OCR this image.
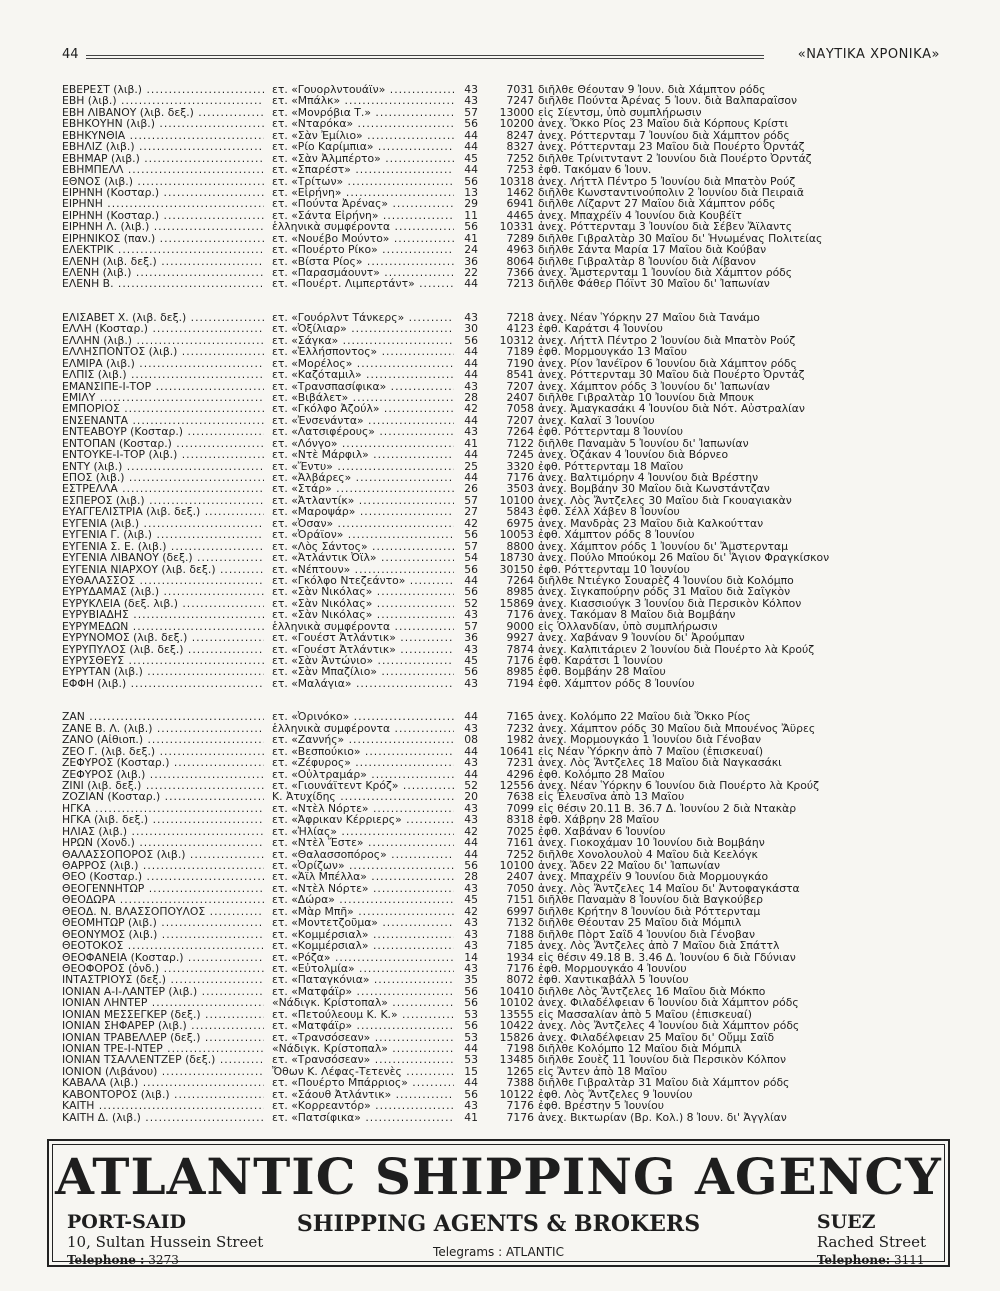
44	«ΝΑΥΤΙΚΑ ΧΡΟΝΙΚΑ»
ΕΒΕΡΕΣΤ (λιβ.) .....	ετ. «Γουορλντουάϊν» .....	43	7031 διῆλθε Θέουταν 9 Ἰουν. διὰ Χάμπτον ρόδς
ΕΒΗ (λιβ.) .....	ετ. «Μπάλκ» .....	43	7247 διῆλθε Πούντα Ἀρένας 5 Ἰουν. διὰ Βαλπαραΐσον
ΕΒΗ ΛΙΒΑΝΟΥ (λιβ. δεξ.) .....	ετ. «Μονρόβια Τ.» .....	57	13000 εἰς Σίεντσμ, ὑπὸ συμπλήρωσιν
ΕΒΗΚΟΥΗΝ (λιβ.) .....	ετ. «Νταρόκα» .....	56	10200 ἀνεχ. Ὄκκο Ρίος 23 Μαΐου διὰ Κόρπους Κρίστι
ΕΒΗΚΥΝΘΙΑ .....	ετ. «Σὰν Ἐμίλιο» .....	44	8247 ἀνεχ. Ρόττερνταμ 7 Ἰουνίου διὰ Χάμπτον ρόδς
ΕΒΗΛΙΖ (λιβ.) .....	ετ. «Ρίο Καρίμπια» .....	44	8327 ἀνεχ. Ρόττερνταμ 23 Μαΐου διὰ Πουέρτο Ὀρντάζ
ΕΒΗΜΑΡ (λιβ.) .....	ετ. «Σὰν Ἀλμπέρτο» .....	45	7252 διῆλθε Τρίνιτνταντ 2 Ἰουνίου διὰ Πουέρτο Ὀρντάζ
ΕΒΗΜΠΕΛΛ .....	ετ. «Σπαρέστ» .....	44	7253 ἐφθ. Τακόμαν 6 Ἰουν.
ΕΘΝΟΣ (λιβ.) .....	ετ. «Τρίτων» .....	56	10318 ἀνεχ. Λήττλ Πέντρο 5 Ἰουνίου διὰ Μπατὸν Ρούζ
ΕΙΡΗΝΗ (Κοσταρ.) .....	ετ. «Εἰρήνη» .....	13	1462 διῆλθε Κωνσταντινούπολιν 2 Ἰουνίου διὰ Πειραιᾶ
ΕΙΡΗΝΗ .....	ετ. «Πούντα Ἀρένας» .....	29	6941 διῆλθε Λίζαρντ 27 Μαΐου διὰ Χάμπτον ρόδς
ΕΙΡΗΝΗ (Κοσταρ.) .....	ετ. «Σάντα Εἰρήνη» .....	11	4465 ἀνεχ. Μπαχρέϊν 4 Ἰουνίου διὰ Κουβέϊτ
ΕΙΡΗΝΗ Λ. (λιβ.) .....	ἑλληνικὰ συμφέροντα .....	56	10331 ἀνεχ. Ρόττερνταμ 3 Ἰουνίου διὰ Σέβεν Ἄϊλαντς
ΕΙΡΗΝΙΚΟΣ (παν.) .....	ετ. «Νουέβο Μούντο» .....	41	7289 διῆλθε Γιβραλτὰρ 30 Μαΐου δι' Ἡνωμένας Πολιτείας
ΕΛΕΚΤΡΙΚ .....	ετ. «Πουέρτο Ρίκο» .....	24	4963 διῆλθε Σάντα Μαρία 17 Μαΐου διὰ Κούβαν
ΕΛΕΝΗ (λιβ. δεξ.) .....	ετ. «Βίστα Ρίος» .....	36	8064 διῆλθε Γιβραλτὰρ 8 Ἰουνίου διὰ Λίβανον
ΕΛΕΝΗ (λιβ.) .....	ετ. «Παρασμάουντ» .....	22	7366 ἀνεχ. Ἄμστερνταμ 1 Ἰουνίου διὰ Χάμπτον ρόδς
ΕΛΕΝΗ Β. .....	ετ. «Πουέρτ. Λιμπερτάντ» .....	44	7213 διῆλθε Φάθερ Πόϊντ 30 Μαΐου δι' Ἰαπωνίαν
ΕΛΙΣΑΒΕΤ Χ. (λιβ. δεξ.) .....	ετ. «Γουόρλντ Τάνκερς» .....	43	7218 ἀνεχ. Νέαν Ὑόρκην 27 Μαΐου διὰ Τανάμο
ΕΛΛΗ (Κοσταρ.) .....	ετ. «Ὀξίλιαρ» .....	30	4123 ἐφθ. Καράτσι 4 Ἰουνίου
ΕΛΛΗΝ (λιβ.) .....	ετ. «Σάγκα» .....	56	10312 ἀνεχ. Λήττλ Πέντρο 2 Ἰουνίου διὰ Μπατὸν Ρούζ
ΕΛΛΗΣΠΟΝΤΟΣ (λιβ.) .....	ετ. «Ἑλλήσποντος» .....	44	7189 ἐφθ. Μορμουγκάο 13 Μαΐου
ΕΛΜΙΡΑ (λιβ.) .....	ετ. «Μορέλος» .....	44	7190 ἀνεχ. Ρίον Ἰανέϊρον 6 Ἰουνίου διὰ Χάμπτον ρόδς
ΕΛΠΙΣ (λιβ.) .....	ετ. «Καζόταμιλ» .....	44	8541 ἀνεχ. Ρόττερνταμ 30 Μαΐου διὰ Πουέρτο Ὀρντάζ
ΕΜΑΝΣΙΠΕ-Ι-ΤΟΡ .....	ετ. «Τρανσπασίφικα» .....	43	7207 ἀνεχ. Χάμπτον ρόδς 3 Ἰουνίου δι' Ἰαπωνίαν
ΕΜΙΛΥ .....	ετ. «Βιβάλετ» .....	28	2407 διῆλθε Γιβραλτὰρ 10 Ἰουνίου διὰ Μπουκ
ΕΜΠΟΡΙΟΣ .....	ετ. «Γκόλφο Ἀζούλ» .....	42	7058 ἀνεχ. Ἀμαγκασάκι 4 Ἰουνίου διὰ Νότ. Αὐστραλίαν
ΕΝΣΕΝΑΝΤΑ .....	ετ. «Ἐνσενάντα» .....	44	7207 ἀνεχ. Καλαϊ 3 Ἰουνίου
ΕΝΤΕΑΒΟΥΡ (Κοσταρ.) .....	ετ. «Λατσιφέρους» .....	43	7264 ἐφθ. Ρόττερνταμ 8 Ἰουνίου
ΕΝΤΟΠΑΝ (Κοσταρ.) .....	ετ. «Λόνγο» .....	41	7122 διῆλθε Παναμὰν 5 Ἰουνίου δι' Ἰαπωνίαν
ΕΝΤΟΥΚΕ-Ι-ΤΟΡ (λιβ.) .....	ετ. «Ντὲ Μάρφιλ» .....	44	7245 ἀνεχ. Ὀζάκαν 4 Ἰουνίου διὰ Βόρνεο
ΕΝΤΥ (λιβ.) .....	ετ. «Ἔντυ» .....	25	3320 ἐφθ. Ρόττερνταμ 18 Μαΐου
ΕΠΟΣ (λιβ.) .....	ετ. «Ἀλβάρες» .....	44	7176 ἀνεχ. Βαλτιμόρην 4 Ἰουνίου διὰ Βρέστην
ΕΣΤΡΕΛΛΑ .....	ετ. «Στάρ» .....	26	3503 ἀνεχ. Βομβάην 30 Μαΐου διὰ Κωνστάντζαν
ΕΣΠΕΡΟΣ (λιβ.) .....	ετ. «Ἀτλαντίκ» .....	57	10100 ἀνεχ. Λὸς Ἄντζελες 30 Μαΐου διὰ Γκουαγιακὰν
ΕΥΑΓΓΕΛΙΣΤΡΙΑ (λιβ. δεξ.) .....	ετ. «Μαροψάρ» .....	27	5843 ἐφθ. Σέλλ Χάβεν 8 Ἰουνίου
ΕΥΓΕΝΙΑ (λιβ.) .....	ετ. «Ὀσαν» .....	42	6975 ἀνεχ. Μανδρὰς 23 Μαΐου διὰ Καλκούτταν
ΕΥΓΕΝΙΑ Γ. (λιβ.) .....	ετ. «Ὀράϊον» .....	56	10053 ἐφθ. Χάμπτον ρόδς 8 Ἰουνίου
ΕΥΓΕΝΙΑ Σ. Ε. (λιβ.) .....	ετ. «Λὸς Σάντος» .....	57	8800 ἀνεχ. Χάμπτον ρόδς 1 Ἰουνίου δι' Ἄμστερνταμ
ΕΥΓΕΝΙΑ ΛΙΒΑΝΟΥ (δεξ.) .....	ετ. «Ἀτλάντικ Ὀϊλ» .....	54	18730 ἀνεχ. Πούλο Μπούκομ 26 Μαΐου δι' Ἅγιον Φραγκίσκον
ΕΥΓΕΝΙΑ ΝΙΑΡΧΟΥ (λιβ. δεξ.) .....	ετ. «Νέπτουν» .....	56	30150 ἐφθ. Ρόττερνταμ 10 Ἰουνίου
ΕΥΘΑΛΑΣΣΟΣ .....	ετ. «Γκόλφο Ντεζεάντο» .....	44	7264 διῆλθε Ντιέγκο Σουαρὲζ 4 Ἰουνίου διὰ Κολόμπο
ΕΥΡΥΔΑΜΑΣ (λιβ.) .....	ετ. «Σὰν Νικόλας» .....	56	8985 ἀνεχ. Σιγκαπούρην ρόδς 31 Μαΐου διὰ Σαΐγκὸν
ΕΥΡΥΚΛΕΙΑ (δεξ. λιβ.) .....	ετ. «Σὰν Νικόλας» .....	52	15869 ἀνεχ. Κιασσιούγκ 3 Ἰουνίου διὰ Περσικὸν Κόλπον
ΕΥΡΥΒΙΑΔΗΣ .....	ετ. «Σὰν Νικόλας» .....	43	7176 ἀνεχ. Τακόμαν 8 Μαΐου διὰ Βομβάην
ΕΥΡΥΜΕΔΩΝ .....	ἑλληνικὰ συμφέροντα .....	57	9000 εἰς Ὁλλανδίαν, ὑπὸ συμπλήρωσιν
ΕΥΡΥΝΟΜΟΣ (λιβ. δεξ.) .....	ετ. «Γουέστ Ἀτλάντικ» .....	36	9927 ἀνεχ. Χαβάναν 9 Ἰουνίου δι' Ἀρούμπαν
ΕΥΡΥΠΥΛΟΣ (λιβ. δεξ.) .....	ετ. «Γουέστ Ἀτλάντικ» .....	43	7874 ἀνεχ. Καλπιτάριεν 2 Ἰουνίου διὰ Πουέρτο λὰ Κρούζ
ΕΥΡΥΣΘΕΥΣ .....	ετ. «Σὰν Ἀντώνιο» .....	45	7176 ἐφθ. Καράτσι 1 Ἰουνίου
ΕΥΡΥΤΑΝ (λιβ.) .....	ετ. «Σὰν Μπαζίλιο» .....	56	8985 ἐφθ. Βομβάην 28 Μαΐου
ΕΦΦΗ (λιβ.) .....	ετ. «Μαλάγια» .....	43	7194 ἐφθ. Χάμπτον ρόδς 8 Ἰουνίου
ΖΑΝ .....	ετ. «Ὀρινόκο» .....	44	7165 ἀνεχ. Κολόμπο 22 Μαΐου διὰ Ὄκκο Ρίος
ΖΑΝΕ Β. Λ. (λιβ.) .....	ἑλληνικὰ συμφέροντα .....	43	7232 ἀνεχ. Χάμπτον ρόδς 30 Μαΐου διὰ Μπουένος Ἄϋρες
ΖΑΝΟ (Αἰθιοπ.) .....	ετ. «Ζαννής» .....	08	1982 ἀνεχ. Μορμουγκάο 1 Ἰουνίου διὰ Γένοβαν
ΖΕΟ Γ. (λιβ. δεξ.) .....	ετ. «Βεσπούκιο» .....	44	10641 εἰς Νέαν Ὑόρκην ἀπὸ 7 Μαΐου (ἐπισκευαί)
ΖΕΦΥΡΟΣ (Κοσταρ.) .....	ετ. «Ζέφυρος» .....	43	7231 ἀνεχ. Λὸς Ἄντζελες 18 Μαΐου διὰ Ναγκασάκι
ΖΕΦΥΡΟΣ (λιβ.) .....	ετ. «Οὐλτραμάρ» .....	44	4296 ἐφθ. Κολόμπο 28 Μαΐου
ΖΙΝΙ (λιβ. δεξ.) .....	ετ. «Γιουνάϊτεντ Κρόζ» .....	52	12556 ἀνεχ. Νέαν Ὑόρκην 6 Ἰουνίου διὰ Πουέρτο λὰ Κρούζ
ΖΟΖΙΑΝ (Κοσταρ.) .....	Κ. Ἀτυχίδης .....	20	7638 εἰς Ἐλευσῖνα ἀπὸ 13 Μαΐου
ΗΓΚΑ .....	ετ. «Ντὲλ Νόρτε» .....	43	7099 εἰς θέσιν 20.11 Β. 36.7 Δ. Ἰουνίου 2 διὰ Ντακὰρ
ΗΓΚΑ (λιβ. δεξ.) .....	ετ. «Ἀφρικαν Κέρριερς» .....	43	8318 ἐφθ. Χάβρην 28 Μαΐου
ΗΛΙΑΣ (λιβ.) .....	ετ. «Ἠλίας» .....	42	7025 ἐφθ. Χαβάναν 6 Ἰουνίου
ΗΡΩΝ (Χονδ.) .....	ετ. «Ντὲλ Ἔστε» .....	44	7161 ἀνεχ. Γιοκοχάμαν 10 Ἰουνίου διὰ Βομβάην
ΘΑΛΑΣΣΟΠΟΡΟΣ (λιβ.) .....	ετ. «Θαλασσοπόρος» .....	44	7252 διῆλθε Χονολουλοὺ 4 Μαΐου διὰ Κεελόγκ
ΘΑΡΡΟΣ (λιβ.) .....	ετ. «Ὀρίζων» .....	56	10100 ἀνεχ. Ἄδεν 22 Μαΐου δι' Ἰαπωνίαν
ΘΕΟ (Κοσταρ.) .....	ετ. «Ἀϊλ Μπέλλα» .....	28	2407 ἀνεχ. Μπαχρέϊν 9 Ἰουνίου διὰ Μορμουγκάο
ΘΕΟΓΕΝΝΗΤΩΡ .....	ετ. «Ντὲλ Νόρτε» .....	43	7050 ἀνεχ. Λὸς Ἄντζελες 14 Μαΐου δι' Ἀντοφαγκάστα
ΘΕΟΔΩΡΑ .....	ετ. «Δώρα» .....	45	7151 διῆλθε Παναμὰν 8 Ἰουνίου διὰ Βαγκούβερ
ΘΕΟΔ. Ν. ΒΛΑΣΣΟΠΟΥΛΟΣ .....	ετ. «Μὰρ Μπῆ» .....	42	6997 διῆλθε Κρήτην 8 Ἰουνίου διὰ Ρόττερνταμ
ΘΕΟΜΗΤΩΡ (λιβ.) .....	ετ. «Μοντετζοῦμα» .....	43	7132 διῆλθε Θέουταν 25 Μαΐου διὰ Μόμπιλ
ΘΕΟΝΥΜΟΣ (λιβ.) .....	ετ. «Κομμέρσιαλ» .....	43	7188 διῆλθε Πὸρτ Σαΐδ 4 Ἰουνίου διὰ Γένοβαν
ΘΕΟΤΟΚΟΣ .....	ετ. «Κομμέρσιαλ» .....	43	7185 ἀνεχ. Λὸς Ἄντζελες ἀπὸ 7 Μαΐου διὰ Σπάττλ
ΘΕΟΦΑΝΕΙΑ (Κοσταρ.) .....	ετ. «Ρόζα» .....	14	1934 εἰς θέσιν 49.18 Β. 3.46 Δ. Ἰουνίου 6 διὰ Γδύνιαν
ΘΕΟΦΟΡΟΣ (ὀνδ.) .....	ετ. «Εὐτολμία» .....	43	7176 ἐφθ. Μορμουγκάο 4 Ἰουνίου
ΙΝΤΑΣΤΡΙΟΥΣ (δεξ.) .....	ετ. «Παταγκόνια» .....	35	8072 ἐφθ. Χαντικαβάλλ 5 Ἰουνίου
ΙΟΝΙΑΝ Α-Ι-ΛΑΝΤΕΡ (λιβ.) .....	ετ. «Ματφάϊρ» .....	56	10410 διῆλθε Λὸς Ἄντζελες 16 Μαΐου διὰ Μόκπο
ΙΟΝΙΑΝ ΛΗΝΤΕΡ .....	«Νάδιγκ. Κρίστοπαλ» .....	56	10102 ἀνεχ. Φιλαδέλφειαν 6 Ἰουνίου διὰ Χάμπτον ρόδς
ΙΟΝΙΑΝ ΜΕΣΣΕΓΚΕΡ (δεξ.) .....	ετ. «Πετούλεουμ Κ. Κ.» .....	53	13555 εἰς Μασσαλίαν ἀπὸ 5 Μαΐου (ἐπισκευαί)
ΙΟΝΙΑΝ ΣΗΦΑΡΕΡ (λιβ.) .....	ετ. «Ματφάϊρ» .....	56	10422 ἀνεχ. Λὸς Ἄντζελες 4 Ἰουνίου διὰ Χάμπτον ρόδς
ΙΟΝΙΑΝ ΤΡΑΒΕΛΛΕΡ (δεξ.) .....	ετ. «Τρανσόσεαν» .....	53	15826 ἀνεχ. Φιλαδέλφειαν 25 Μαΐου δι' Οὔμμ Σαΐδ
ΙΟΝΙΑΝ ΤΡΕ-Ι-ΝΤΕΡ .....	«Νάδιγκ. Κρίστοπαλ» .....	44	7198 διῆλθε Κολόμπο 12 Μαΐου διὰ Μόμπιλ
ΙΟΝΙΑΝ ΤΣΑΛΛΕΝΤΖΕΡ (δεξ.) .....	ετ. «Τρανσόσεαν» .....	53	13485 διῆλθε Σουὲζ 11 Ἰουνίου διὰ Περσικὸν Κόλπον
ΙΟΝΙΟΝ (Λιβάνου) .....	Ὄθων Κ. Λέφας-Τετενὲς .....	15	1265 εἰς Ἄντεν ἀπὸ 18 Μαΐου
ΚΑΒΑΛΑ (λιβ.) .....	ετ. «Πουέρτο Μπάρριος» .....	44	7388 διῆλθε Γιβραλτὰρ 31 Μαΐου διὰ Χάμπτον ρόδς
ΚΑΒΟΝΤΟΡΟΣ (λιβ.) .....	ετ. «Σάουθ Ἀτλάντικ» .....	56	10122 ἐφθ. Λὸς Ἄντζελες 9 Ἰουνίου
ΚΑΙΤΗ .....	ετ. «Κορρεαντόρ» .....	43	7176 ἐφθ. Βρέστην 5 Ἰουνίου
ΚΑΙΤΗ Δ. (λιβ.) .....	ετ. «Πατσίφικα» .....	41	7176 ἀνεχ. Βικτωρίαν (Βρ. Κολ.) 8 Ἰουν. δι' Ἀγγλίαν
ATLANTIC SHIPPING AGENCY
SHIPPING AGENTS & BROKERS
PORT-SAID
10, Sultan Hussein Street
Telephone : 3273
SUEZ
Rached Street
Telephone: 3111
Telegrams : ATLANTIC
